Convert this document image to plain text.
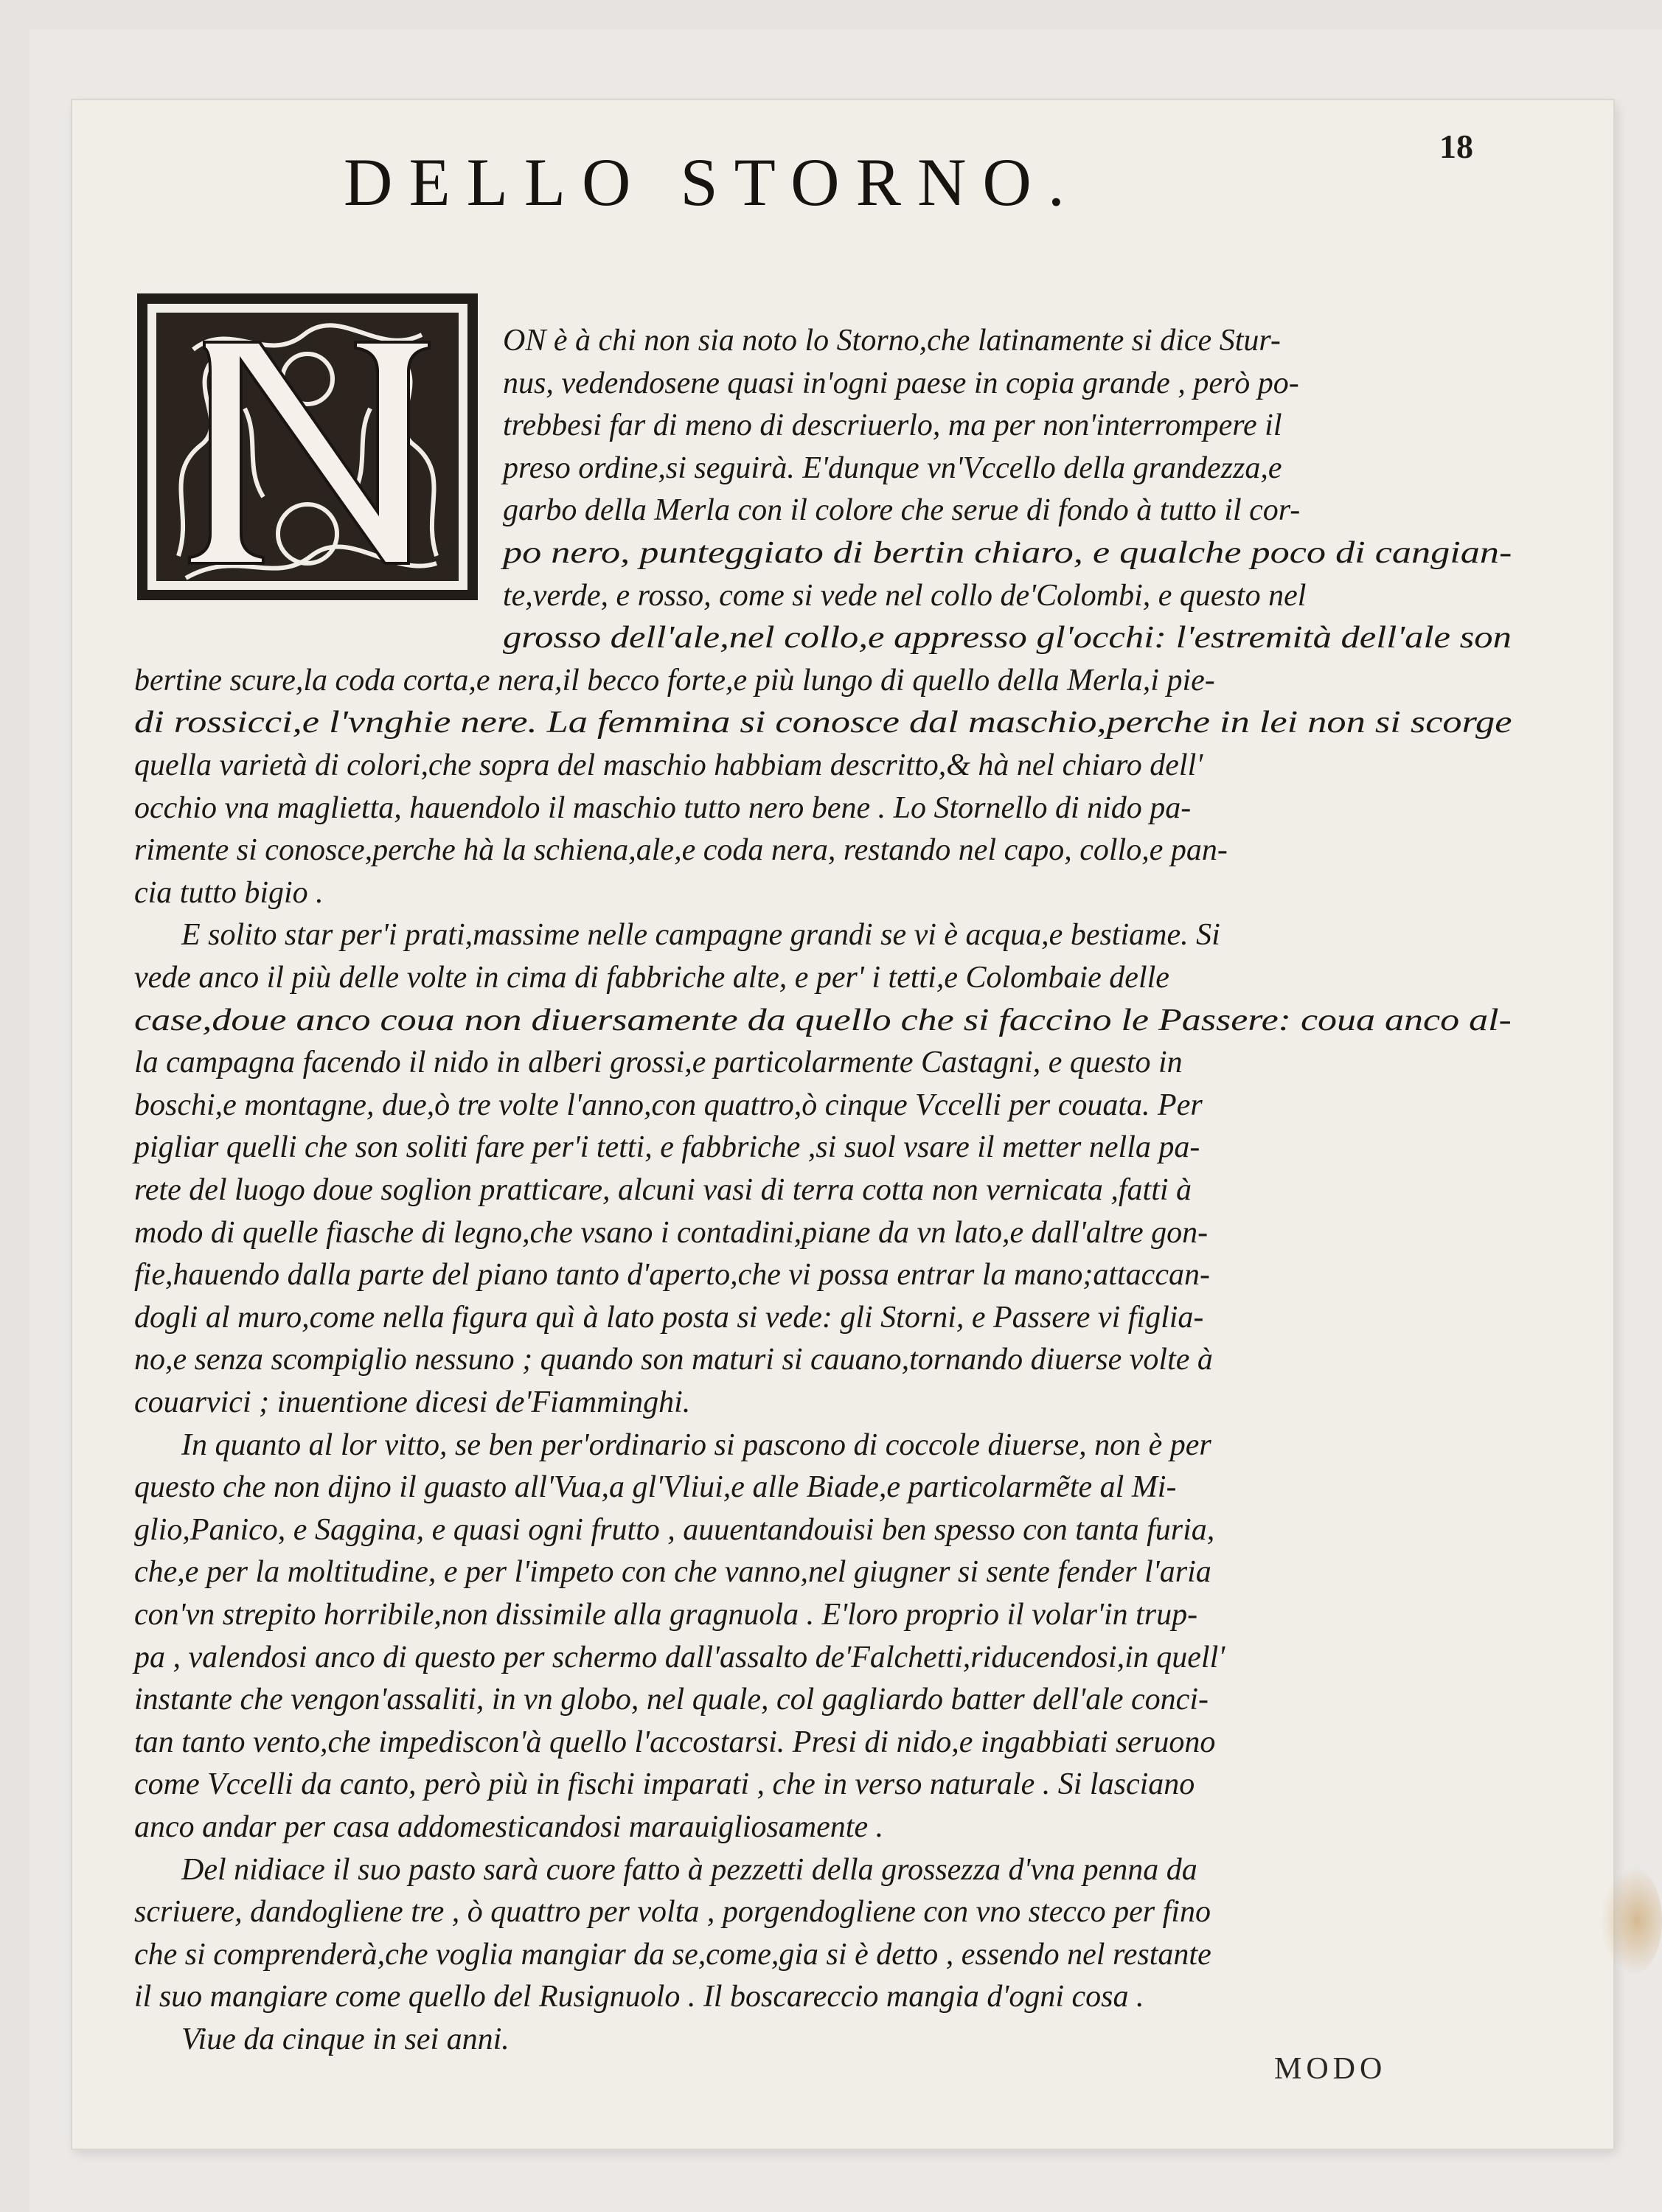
18
DELLO STORNO.
ON è à chi non sia noto lo Storno,che latinamente si dice Stur-
nus, vedendosene quasi in'ogni paese in copia grande , però po-
trebbesi far di meno di descriuerlo, ma per non'interrompere il
preso ordine,si seguirà. E'dunque vn'Vccello della grandezza,e
garbo della Merla con il colore che serue di fondo à tutto il cor-
po nero, punteggiato di bertin chiaro, e qualche poco di cangian-
te,verde, e rosso, come si vede nel collo de'Colombi, e questo nel
grosso dell'ale,nel collo,e appresso gl'occhi: l'estremità dell'ale son
bertine scure,la coda corta,e nera,il becco forte,e più lungo di quello della Merla,i pie-
di rossicci,e l'vnghie nere. La femmina si conosce dal maschio,perche in lei non si scorge
quella varietà di colori,che sopra del maschio habbiam descritto,& hà nel chiaro dell'
occhio vna maglietta, hauendolo il maschio tutto nero bene . Lo Stornello di nido pa-
rimente si conosce,perche hà la schiena,ale,e coda nera, restando nel capo, collo,e pan-
cia tutto bigio .
E solito star per'i prati,massime nelle campagne grandi se vi è acqua,e bestiame. Si
vede anco il più delle volte in cima di fabbriche alte, e per' i tetti,e Colombaie delle
case,doue anco coua non diuersamente da quello che si faccino le Passere: coua anco al-
la campagna facendo il nido in alberi grossi,e particolarmente Castagni, e questo in
boschi,e montagne, due,ò tre volte l'anno,con quattro,ò cinque Vccelli per couata. Per
pigliar quelli che son soliti fare per'i tetti, e fabbriche ,si suol vsare il metter nella pa-
rete del luogo doue soglion pratticare, alcuni vasi di terra cotta non vernicata ,fatti à
modo di quelle fiasche di legno,che vsano i contadini,piane da vn lato,e dall'altre gon-
fie,hauendo dalla parte del piano tanto d'aperto,che vi possa entrar la mano;attaccan-
dogli al muro,come nella figura quì à lato posta si vede: gli Storni, e Passere vi figlia-
no,e senza scompiglio nessuno ; quando son maturi si cauano,tornando diuerse volte à
couarvici ; inuentione dicesi de'Fiamminghi.
In quanto al lor vitto, se ben per'ordinario si pascono di coccole diuerse, non è per
questo che non dijno il guasto all'Vua,a gl'Vliui,e alle Biade,e particolarmẽte al Mi-
glio,Panico, e Saggina, e quasi ogni frutto , auuentandouisi ben spesso con tanta furia,
che,e per la moltitudine, e per l'impeto con che vanno,nel giugner si sente fender l'aria
con'vn strepito horribile,non dissimile alla gragnuola . E'loro proprio il volar'in trup-
pa , valendosi anco di questo per schermo dall'assalto de'Falchetti,riducendosi,in quell'
instante che vengon'assaliti, in vn globo, nel quale, col gagliardo batter dell'ale conci-
tan tanto vento,che impediscon'à quello l'accostarsi. Presi di nido,e ingabbiati seruono
come Vccelli da canto, però più in fischi imparati , che in verso naturale . Si lasciano
anco andar per casa addomesticandosi marauigliosamente .
Del nidiace il suo pasto sarà cuore fatto à pezzetti della grossezza d'vna penna da
scriuere, dandogliene tre , ò quattro per volta , porgendogliene con vno stecco per fino
che si comprenderà,che voglia mangiar da se,come,gia si è detto , essendo nel restante
il suo mangiare come quello del Rusignuolo . Il boscareccio mangia d'ogni cosa .
Viue da cinque in sei anni.
MODO
